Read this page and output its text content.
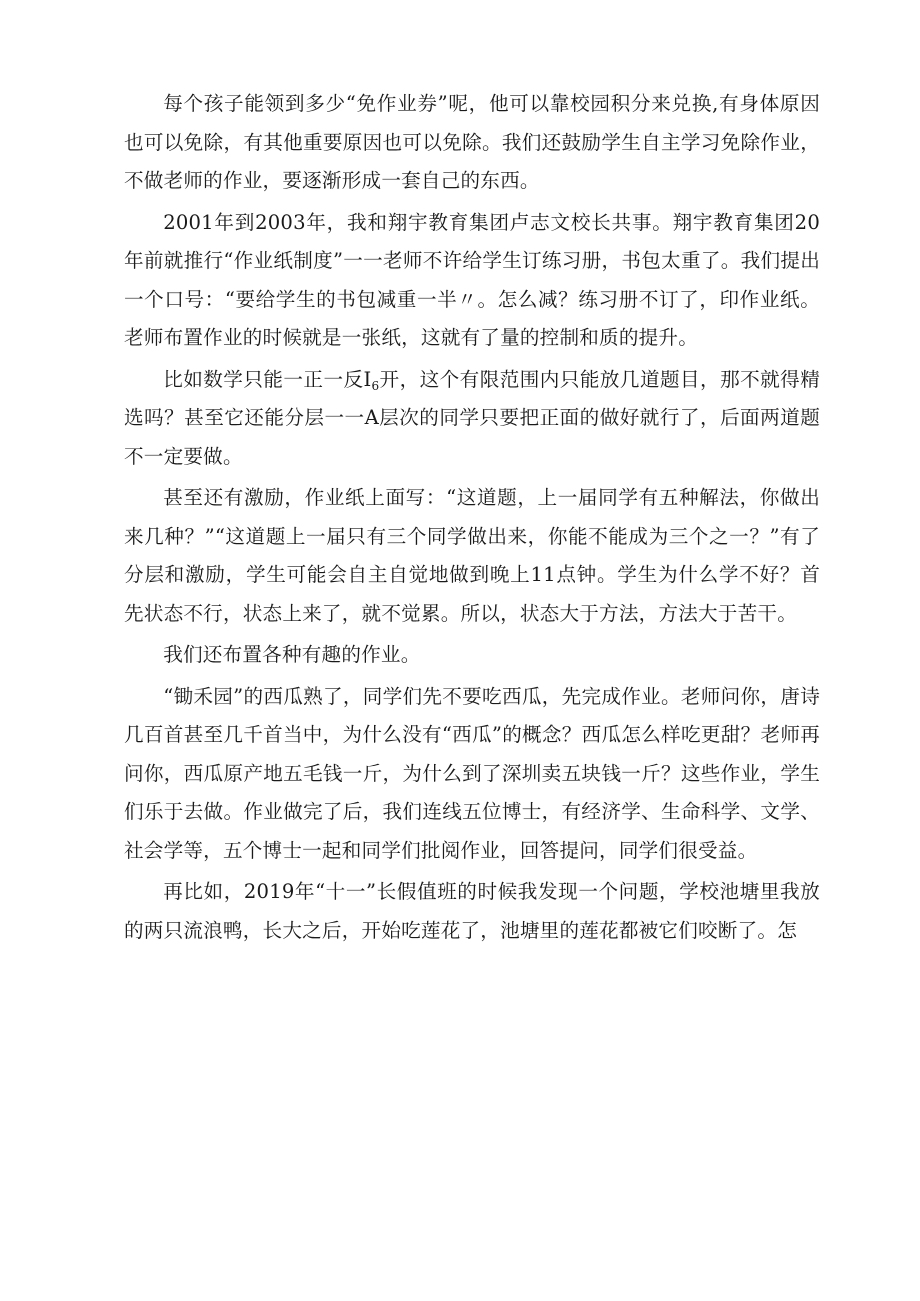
每个孩子能领到多少“免作业券”呢，他可以靠校园积分来兑换,有身体原因也可以免除，有其他重要原因也可以免除。我们还鼓励学生自主学习免除作业，不做老师的作业，要逐渐形成一套自己的东西。

2001年到2003年，我和翔宇教育集团卢志文校长共事。翔宇教育集团20年前就推行“作业纸制度”一一老师不许给学生订练习册，书包太重了。我们提出一个口号：“要给学生的书包减重一半〃。怎么减？练习册不订了，印作业纸。老师布置作业的时候就是一张纸，这就有了量的控制和质的提升。

比如数学只能一正一反$I_6$开，这个有限范围内只能放几道题目，那不就得精选吗？甚至它还能分层一一A层次的同学只要把正面的做好就行了，后面两道题不一定要做。

甚至还有激励，作业纸上面写：“这道题，上一届同学有五种解法，你做出来几种？”“这道题上一届只有三个同学做出来，你能不能成为三个之一？”有了分层和激励，学生可能会自主自觉地做到晚上11点钟。学生为什么学不好？首先状态不行，状态上来了，就不觉累。所以，状态大于方法，方法大于苦干。

我们还布置各种有趣的作业。

“锄禾园”的西瓜熟了，同学们先不要吃西瓜，先完成作业。老师问你，唐诗几百首甚至几千首当中，为什么没有“西瓜”的概念？西瓜怎么样吃更甜？老师再问你，西瓜原产地五毛钱一斤，为什么到了深圳卖五块钱一斤？这些作业，学生们乐于去做。作业做完了后，我们连线五位博士，有经济学、生命科学、文学、社会学等，五个博士一起和同学们批阅作业，回答提问，同学们很受益。

再比如，2019年“十一”长假值班的时候我发现一个问题，学校池塘里我放的两只流浪鸭，长大之后，开始吃莲花了，池塘里的莲花都被它们咬断了。怎
